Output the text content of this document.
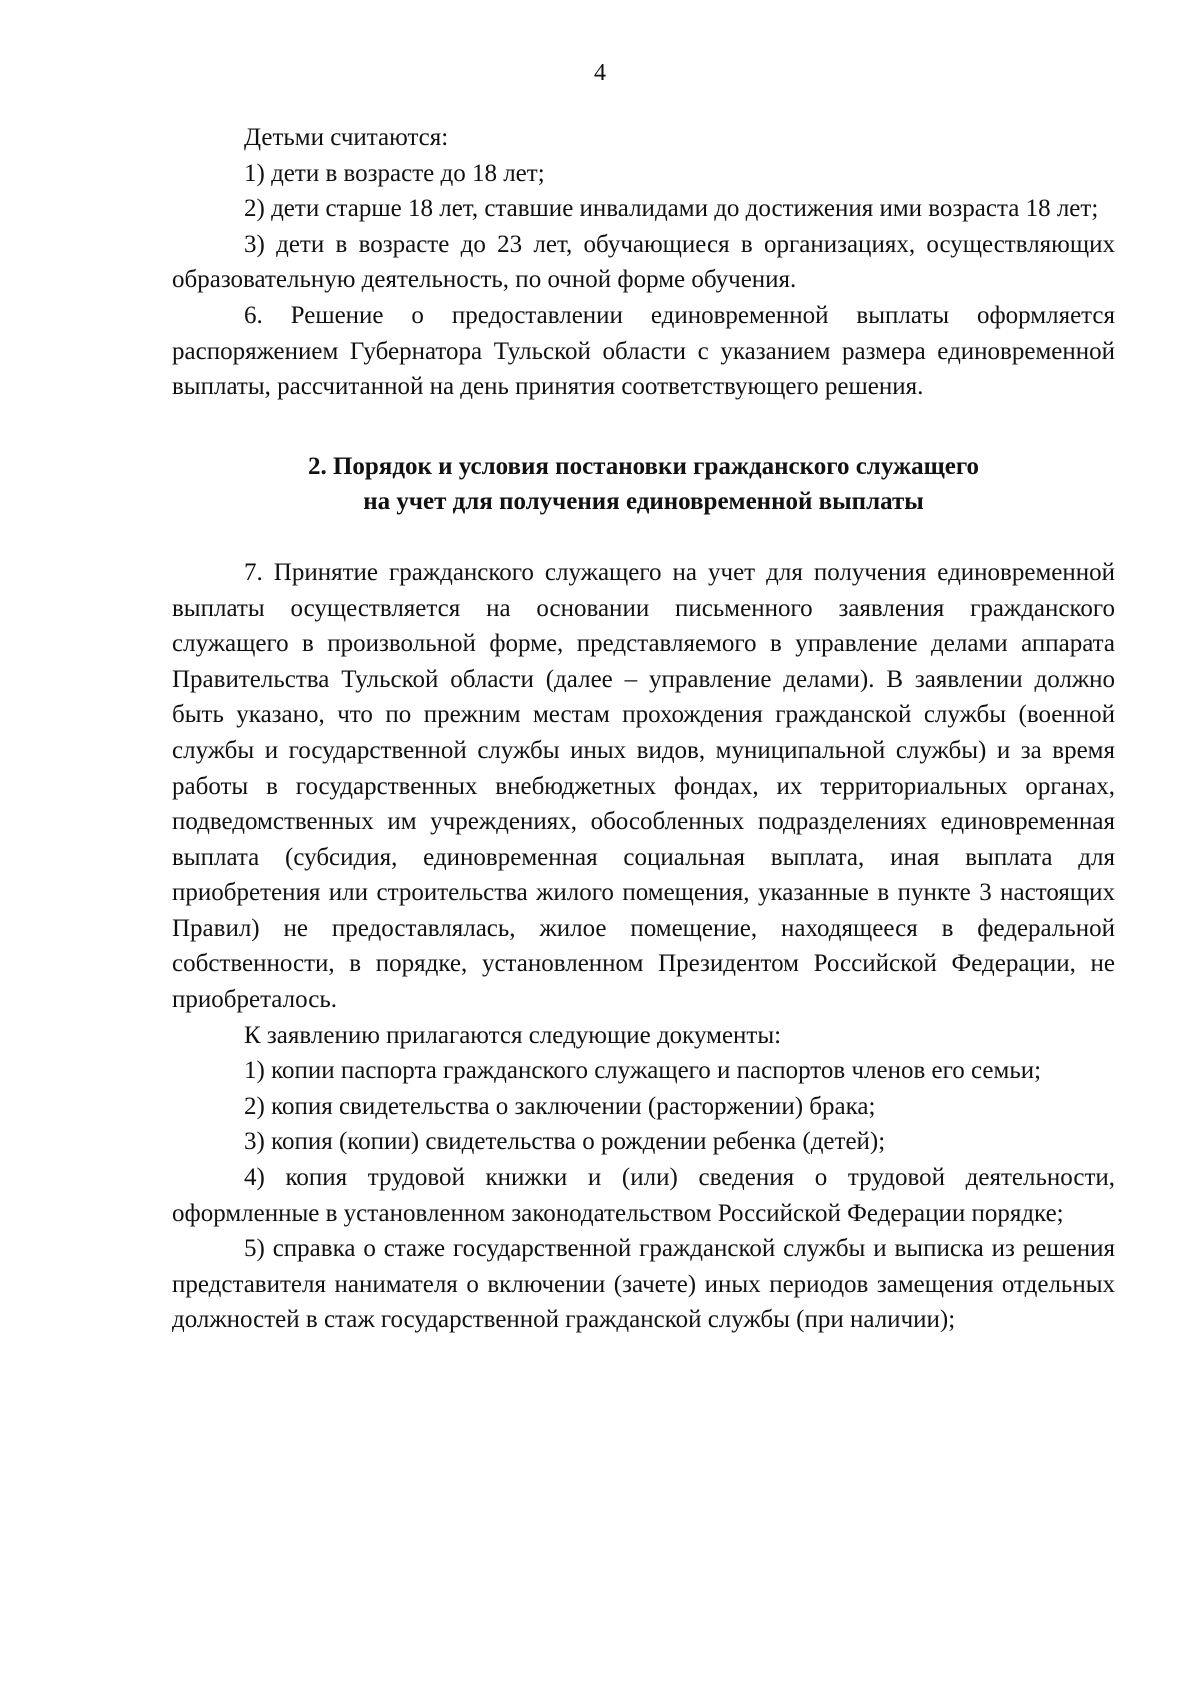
4

Детьми считаются:

1) дети в возрасте до 18 лет;

2) дети старше 18 лет, ставшие инвалидами до достижения ими возраста 18 лет;

3) дети в возрасте до 23 лет, обучающиеся в организациях, осуществляющих образовательную деятельность, по очной форме обучения.

6. Решение о предоставлении единовременной выплаты оформляется распоряжением Губернатора Тульской области с указанием размера единовременной выплаты, рассчитанной на день принятия соответствующего решения.

2. Порядок и условия постановки гражданского служащего
на учет для получения единовременной выплаты

7. Принятие гражданского служащего на учет для получения единовременной выплаты осуществляется на основании письменного заявления гражданского служащего в произвольной форме, представляемого в управление делами аппарата Правительства Тульской области (далее – управление делами). В заявлении должно быть указано, что по прежним местам прохождения гражданской службы (военной службы и государственной службы иных видов, муниципальной службы) и за время работы в государственных внебюджетных фондах, их территориальных органах, подведомственных им учреждениях, обособленных подразделениях единовременная выплата (субсидия, единовременная социальная выплата, иная выплата для приобретения или строительства жилого помещения, указанные в пункте 3 настоящих Правил) не предоставлялась, жилое помещение, находящееся в федеральной собственности, в порядке, установленном Президентом Российской Федерации, не приобреталось.

К заявлению прилагаются следующие документы:

1) копии паспорта гражданского служащего и паспортов членов его семьи;

2) копия свидетельства о заключении (расторжении) брака;

3) копия (копии) свидетельства о рождении ребенка (детей);

4) копия трудовой книжки и (или) сведения о трудовой деятельности, оформленные в установленном законодательством Российской Федерации порядке;

5) справка о стаже государственной гражданской службы и выписка из решения представителя нанимателя о включении (зачете) иных периодов замещения отдельных должностей в стаж государственной гражданской службы (при наличии);
